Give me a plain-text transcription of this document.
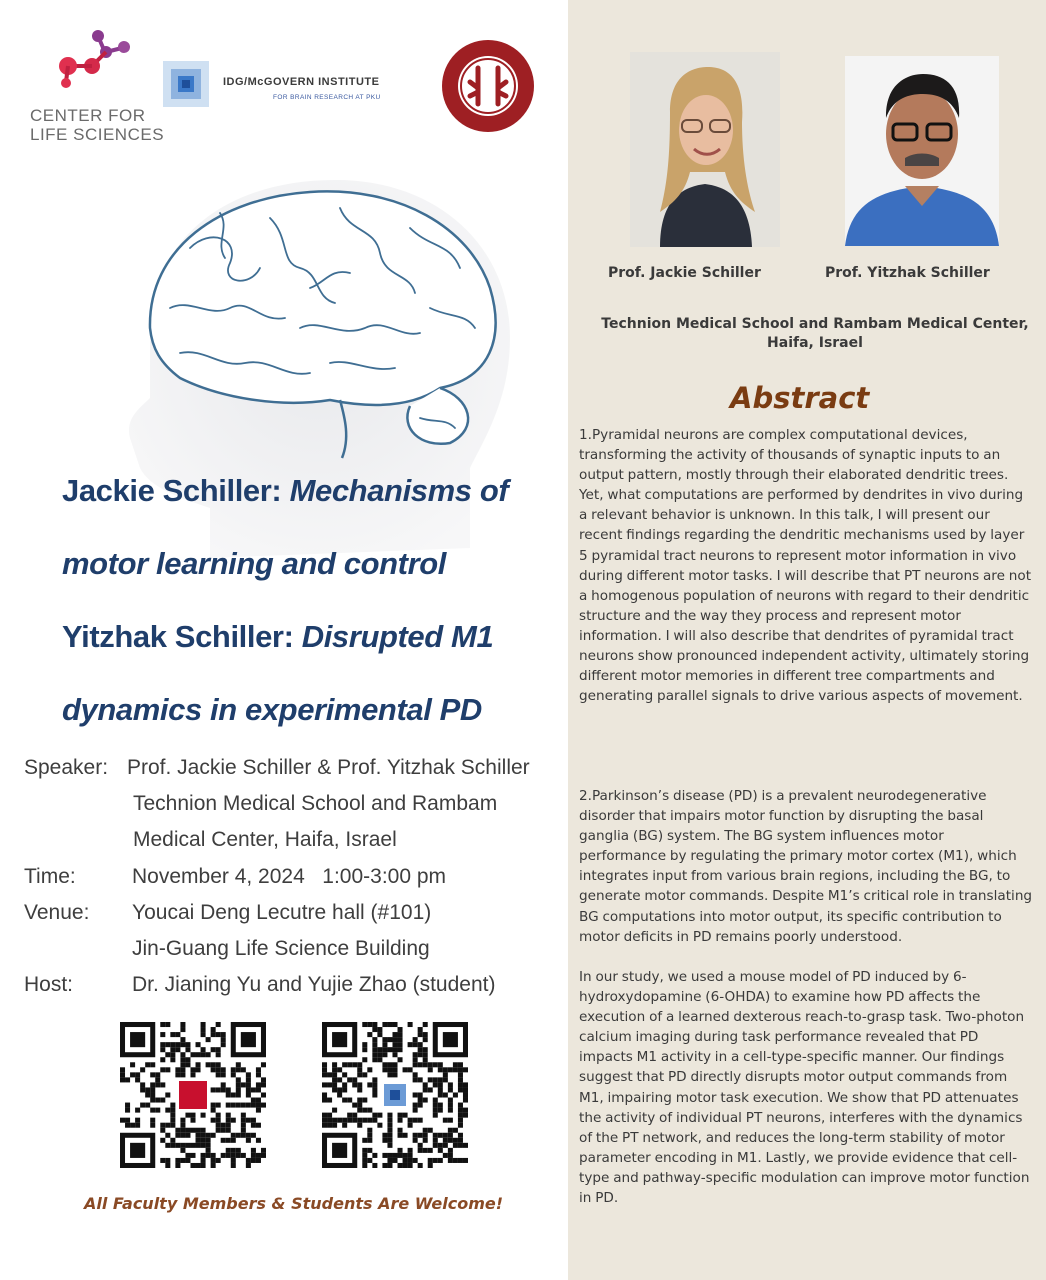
CENTER FOR
LIFE SCIENCES
IDG/McGOVERN INSTITUTE
FOR BRAIN RESEARCH AT PKU
Jackie Schiller: Mechanisms of
motor learning and control
Yitzhak Schiller: Disrupted M1
dynamics in experimental PD
Speaker: Prof. Jackie Schiller & Prof. Yitzhak Schiller
Technion Medical School and Rambam
Medical Center, Haifa, Israel
Time:	November 4, 2024   1:00-3:00 pm
Venue: Youcai Deng Lecutre hall (#101)
Jin-Guang Life Science Building
Host:	Dr. Jianing Yu and Yujie Zhao (student)
All Faculty Members & Students Are Welcome!
Prof. Jackie Schiller	Prof. Yitzhak Schiller
Technion Medical School and Rambam Medical Center, Haifa, Israel
Abstract
1.Pyramidal neurons are complex computational devices, transforming the activity of thousands of synaptic inputs to an output pattern, mostly through their elaborated dendritic trees. Yet, what computations are performed by dendrites in vivo during a relevant behavior is unknown. In this talk, I will present our recent findings regarding the dendritic mechanisms used by layer 5 pyramidal tract neurons to represent motor information in vivo during different motor tasks. I will describe that PT neurons are not a homogenous population of neurons with regard to their dendritic structure and the way they process and represent motor information. I will also describe that dendrites of pyramidal tract neurons show pronounced independent activity, ultimately storing different motor memories in different tree compartments and generating parallel signals to drive various aspects of movement.
2.Parkinson’s disease (PD) is a prevalent neurodegenerative disorder that impairs motor function by disrupting the basal ganglia (BG) system. The BG system influences motor performance by regulating the primary motor cortex (M1), which integrates input from various brain regions, including the BG, to generate motor commands. Despite M1’s critical role in translating BG computations into motor output, its specific contribution to motor deficits in PD remains poorly understood.
In our study, we used a mouse model of PD induced by 6-hydroxydopamine (6-OHDA) to examine how PD affects the execution of a learned dexterous reach-to-grasp task. Two-photon calcium imaging during task performance revealed that PD impacts M1 activity in a cell-type-specific manner. Our findings suggest that PD directly disrupts motor output commands from M1, impairing motor task execution. We show that PD attenuates the activity of individual PT neurons, interferes with the dynamics of the PT network, and reduces the long-term stability of motor parameter encoding in M1. Lastly, we provide evidence that cell-type and pathway-specific modulation can improve motor function in PD.
